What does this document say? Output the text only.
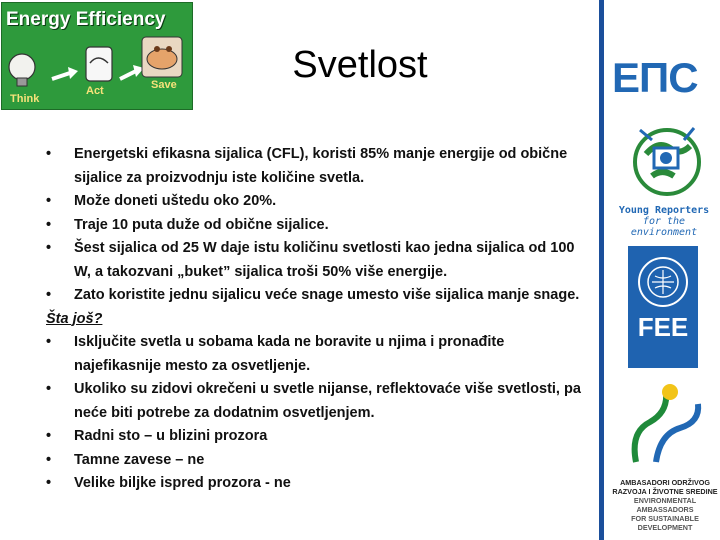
Energy Efficiency
Think
Act	Save	Svetlost

• Energetski efikasna sijalica (CFL), koristi 85% manje energije od obične sijalice za proizvodnju iste količine svetla.

• Može doneti uštedu oko 20%.

• Traje 10 puta duže od obične sijalice.

• Šest sijalica od 25 W daje istu količinu svetlosti kao jedna sijalica od 100 W, a takozvani „buket” sijalica troši 50% više energije.

• Zato koristite jednu sijalicu veće snage umesto više sijalica manje snage.

Šta još?

• Isključite svetla u sobama kada ne boravite u njima i pronađite najefikasnije mesto za osvetljenje.

• Ukoliko su zidovi okrečeni u svetle nijanse, reflektovaće više svetlosti, pa neće biti potrebe za dodatnim osvetljenjem.

• Radni sto – u blizini prozora

• Tamne zavese – ne

• Velike biljke ispred prozora - ne

ЕПС
Young Reporters
for the environment
FEE
AMBASADORI ODRŽIVOG
RAZVOJA I ŽIVOTNE SREDINE
ENVIRONMENTAL AMBASSADORS
FOR SUSTAINABLE DEVELOPMENT
